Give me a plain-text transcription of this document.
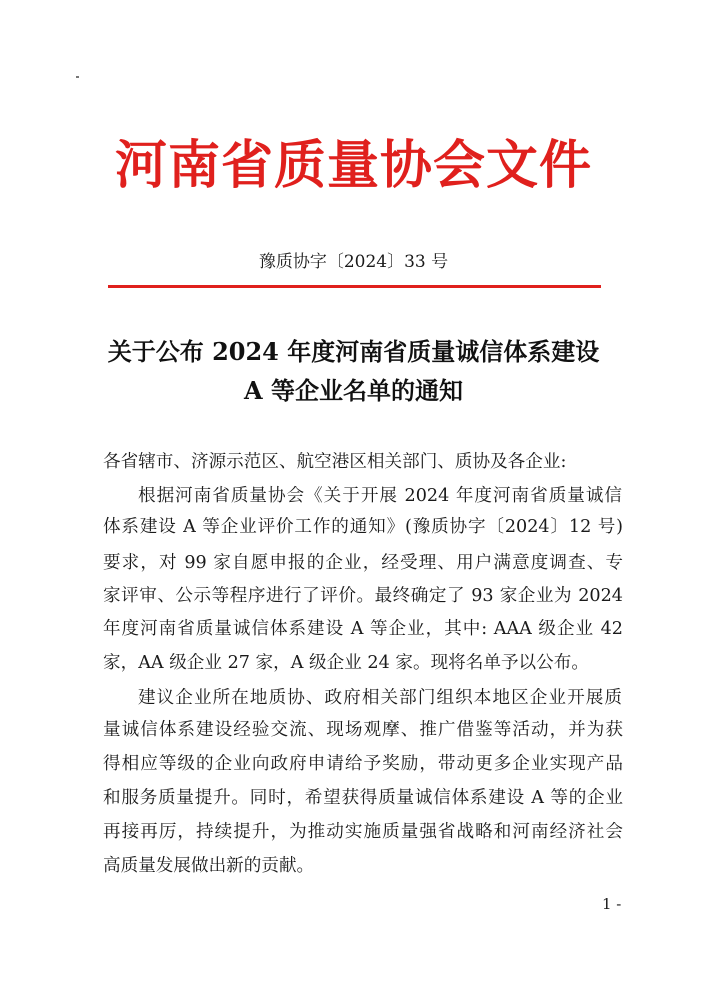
河南省质量协会文件
豫质协字〔2024〕33 号
关于公布 2024 年度河南省质量诚信体系建设
A 等企业名单的通知
各省辖市、济源示范区、航空港区相关部门、质协及各企业:
根据河南省质量协会《关于开展 2024 年度河南省质量诚信
体系建设 A 等企业评价工作的通知》(豫质协字〔2024〕12 号)
要求，对 99 家自愿申报的企业，经受理、用户满意度调查、专
家评审、公示等程序进行了评价。最终确定了 93 家企业为 2024
年度河南省质量诚信体系建设 A 等企业，其中: AAA 级企业 42
家，AA 级企业 27 家，A 级企业 24 家。现将名单予以公布。
建议企业所在地质协、政府相关部门组织本地区企业开展质
量诚信体系建设经验交流、现场观摩、推广借鉴等活动，并为获
得相应等级的企业向政府申请给予奖励，带动更多企业实现产品
和服务质量提升。同时，希望获得质量诚信体系建设 A 等的企业
再接再厉，持续提升，为推动实施质量强省战略和河南经济社会
高质量发展做出新的贡献。
1 -
